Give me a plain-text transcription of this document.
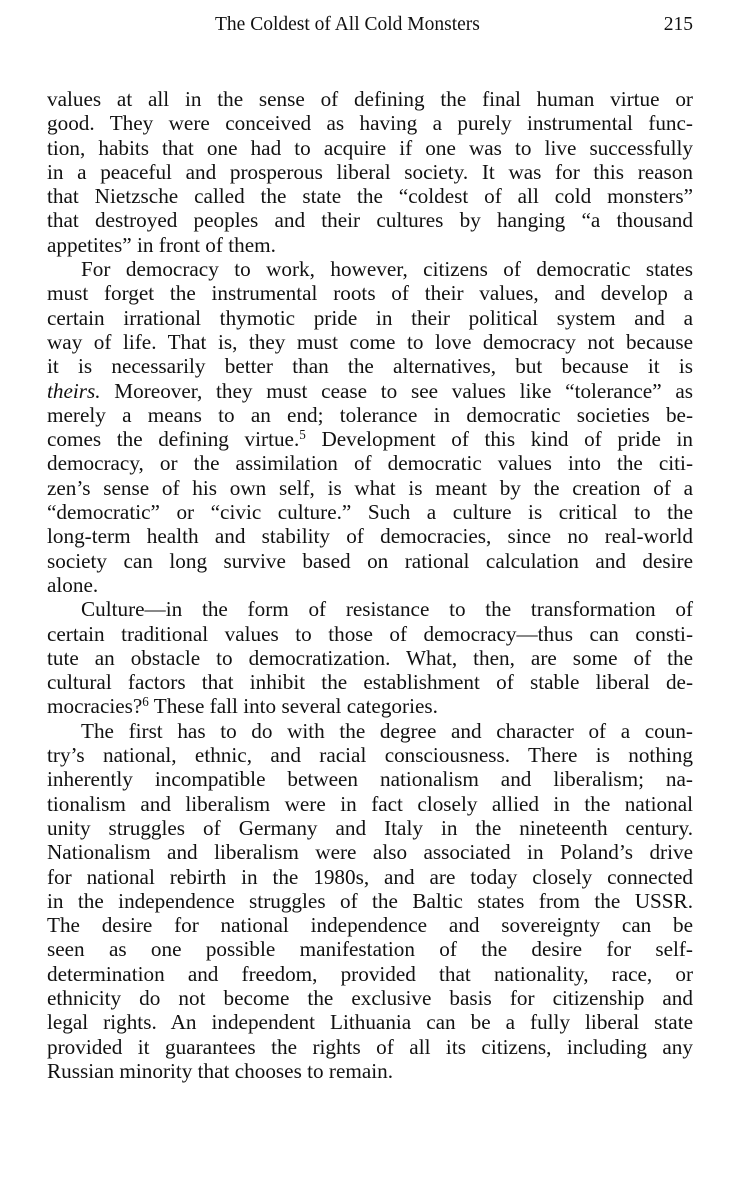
The Coldest of All Cold Monsters	215
values at all in the sense of defining the final human virtue or
good. They were conceived as having a purely instrumental func-
tion, habits that one had to acquire if one was to live successfully
in a peaceful and prosperous liberal society. It was for this reason
that Nietzsche called the state the “coldest of all cold monsters”
that destroyed peoples and their cultures by hanging “a thousand
appetites” in front of them.
For democracy to work, however, citizens of democratic states
must forget the instrumental roots of their values, and develop a
certain irrational thymotic pride in their political system and a
way of life. That is, they must come to love democracy not because
it is necessarily better than the alternatives, but because it is
theirs. Moreover, they must cease to see values like “tolerance” as
merely a means to an end; tolerance in democratic societies be-
comes the defining virtue.$^5$ Development of this kind of pride in
democracy, or the assimilation of democratic values into the citi-
zen’s sense of his own self, is what is meant by the creation of a
“democratic” or “civic culture.” Such a culture is critical to the
long-term health and stability of democracies, since no real-world
society can long survive based on rational calculation and desire
alone.
Culture—in the form of resistance to the transformation of
certain traditional values to those of democracy—thus can consti-
tute an obstacle to democratization. What, then, are some of the
cultural factors that inhibit the establishment of stable liberal de-
mocracies?$^6$ These fall into several categories.
The first has to do with the degree and character of a coun-
try’s national, ethnic, and racial consciousness. There is nothing
inherently incompatible between nationalism and liberalism; na-
tionalism and liberalism were in fact closely allied in the national
unity struggles of Germany and Italy in the nineteenth century.
Nationalism and liberalism were also associated in Poland’s drive
for national rebirth in the 1980s, and are today closely connected
in the independence struggles of the Baltic states from the USSR.
The desire for national independence and sovereignty can be
seen as one possible manifestation of the desire for self-
determination and freedom, provided that nationality, race, or
ethnicity do not become the exclusive basis for citizenship and
legal rights. An independent Lithuania can be a fully liberal state
provided it guarantees the rights of all its citizens, including any
Russian minority that chooses to remain.
